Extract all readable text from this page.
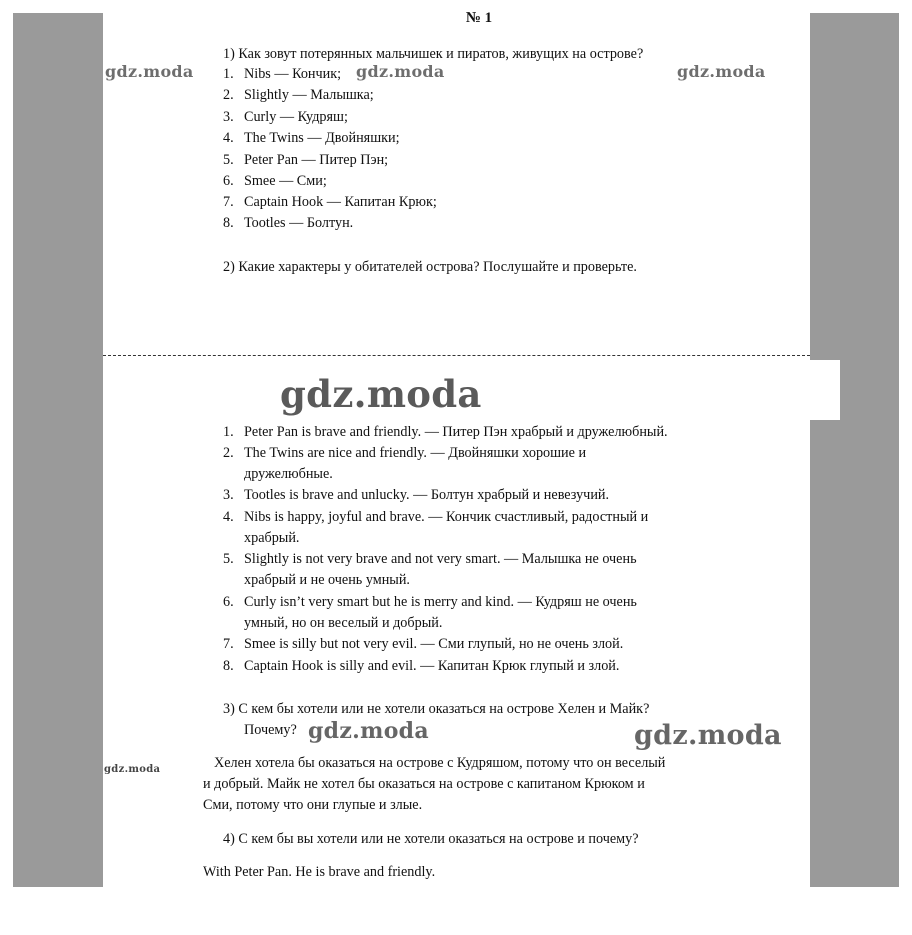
№ 1
1) Как зовут потерянных мальчишек и пиратов, живущих на острове?
1. Nibs — Кончик;
2. Slightly — Малышка;
3. Curly — Кудряш;
4. The Twins — Двойняшки;
5. Peter Pan — Питер Пэн;
6. Smee — Сми;
7. Captain Hook — Капитан Крюк;
8. Tootles — Болтун.
2) Какие характеры у обитателей острова? Послушайте и проверьте.
1. Peter Pan is brave and friendly. — Питер Пэн храбрый и дружелюбный.
2. The Twins are nice and friendly. — Двойняшки хорошие и
дружелюбные.
3. Tootles is brave and unlucky. — Болтун храбрый и невезучий.
4. Nibs is happy, joyful and brave. — Кончик счастливый, радостный и
храбрый.
5. Slightly is not very brave and not very smart. — Малышка не очень
храбрый и не очень умный.
6. Curly isn’t very smart but he is merry and kind. — Кудряш не очень
умный, но он веселый и добрый.
7. Smee is silly but not very evil. — Сми глупый, но не очень злой.
8. Captain Hook is silly and evil. — Капитан Крюк глупый и злой.
3) С кем бы хотели или не хотели оказаться на острове Хелен и Майк?
Почему?
Хелен хотела бы оказаться на острове с Кудряшом, потому что он веселый
и добрый. Майк не хотел бы оказаться на острове с капитаном Крюком и
Сми, потому что они глупые и злые.
4) С кем бы вы хотели или не хотели оказаться на острове и почему?
With Peter Pan. He is brave and friendly.
gdz.moda	gdz.moda	gdz.moda
gdz.moda
gdz.moda	gdz.moda
gdz.moda
